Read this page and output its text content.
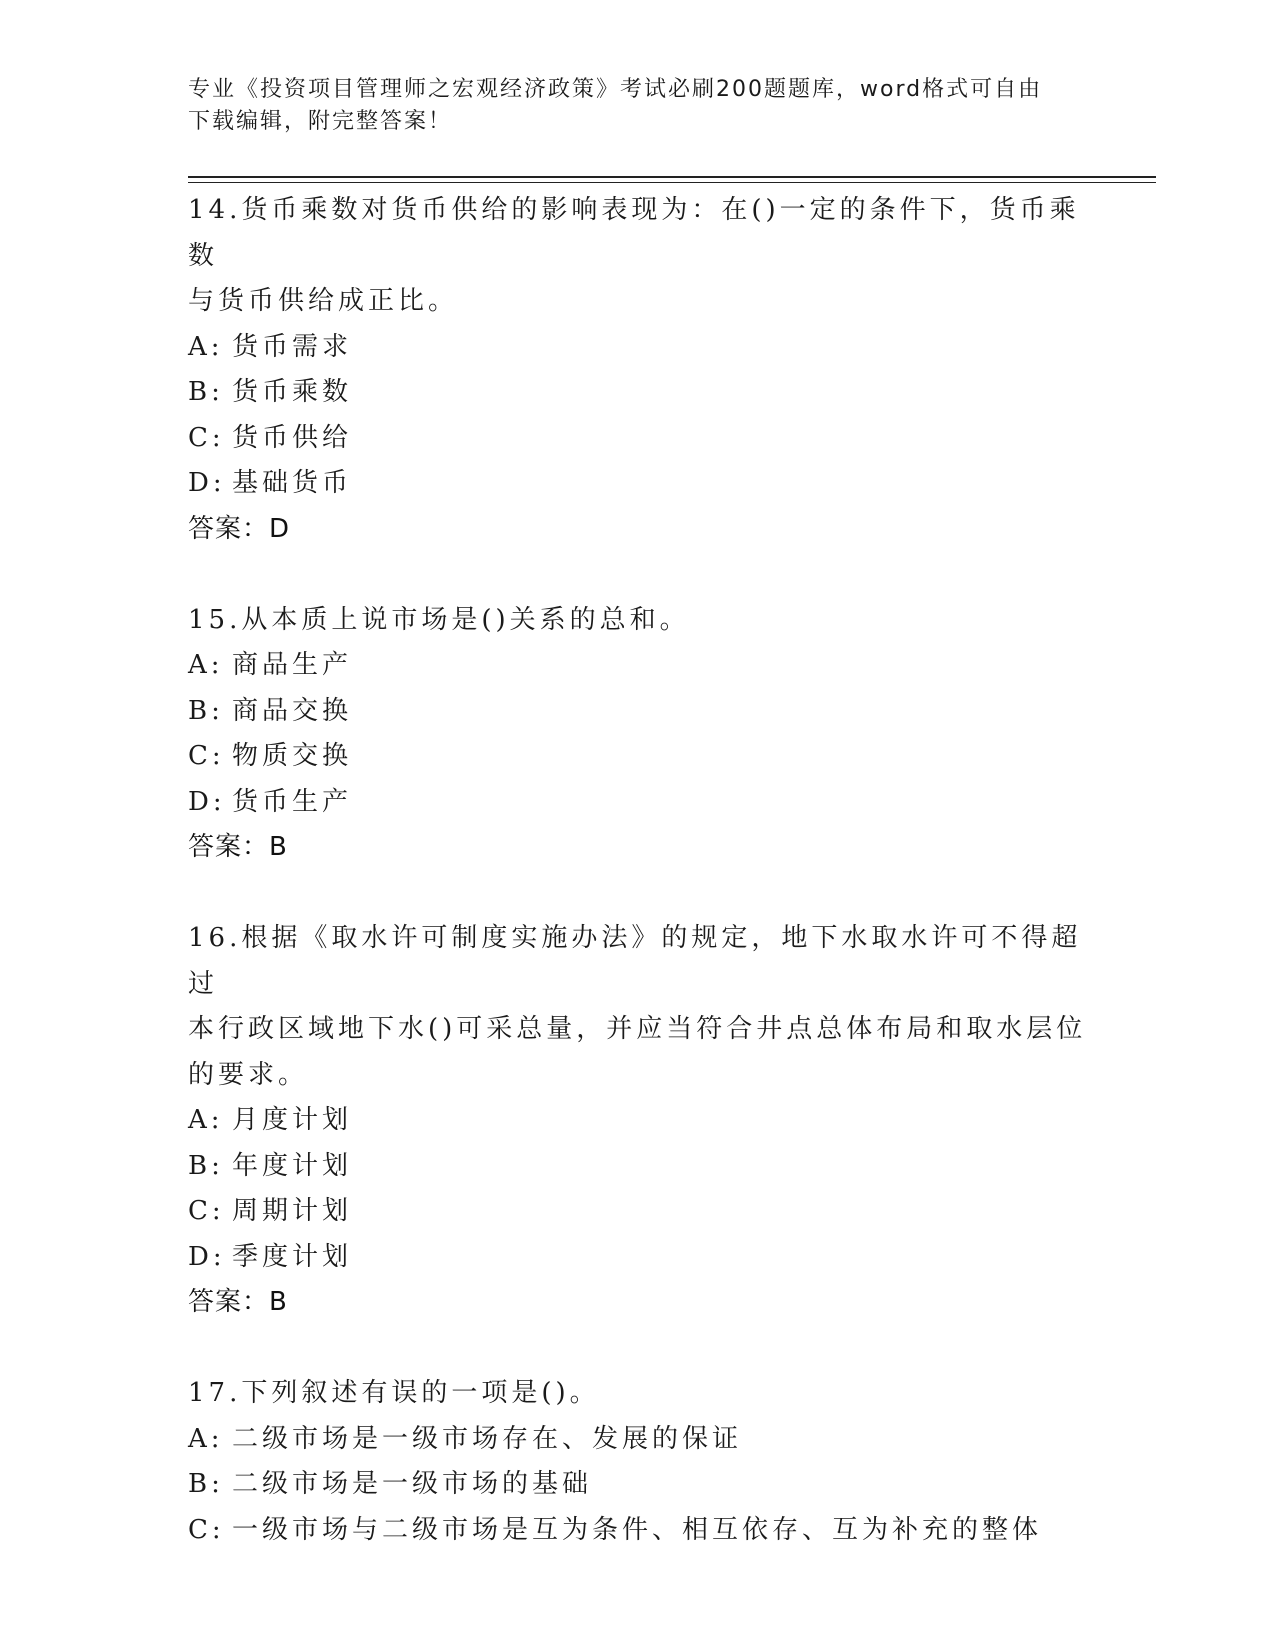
专业《投资项目管理师之宏观经济政策》考试必刷200题题库，word格式可自由
下载编辑，附完整答案！
14.货币乘数对货币供给的影响表现为：在()一定的条件下，货币乘数
与货币供给成正比。
A: 货币需求
B: 货币乘数
C: 货币供给
D: 基础货币
答案：D
15.从本质上说市场是()关系的总和。
A: 商品生产
B: 商品交换
C: 物质交换
D: 货币生产
答案：B
16.根据《取水许可制度实施办法》的规定，地下水取水许可不得超过
本行政区域地下水()可采总量，并应当符合井点总体布局和取水层位
的要求。
A: 月度计划
B: 年度计划
C: 周期计划
D: 季度计划
答案：B
17.下列叙述有误的一项是()。
A: 二级市场是一级市场存在、发展的保证
B: 二级市场是一级市场的基础
C: 一级市场与二级市场是互为条件、相互依存、互为补充的整体
